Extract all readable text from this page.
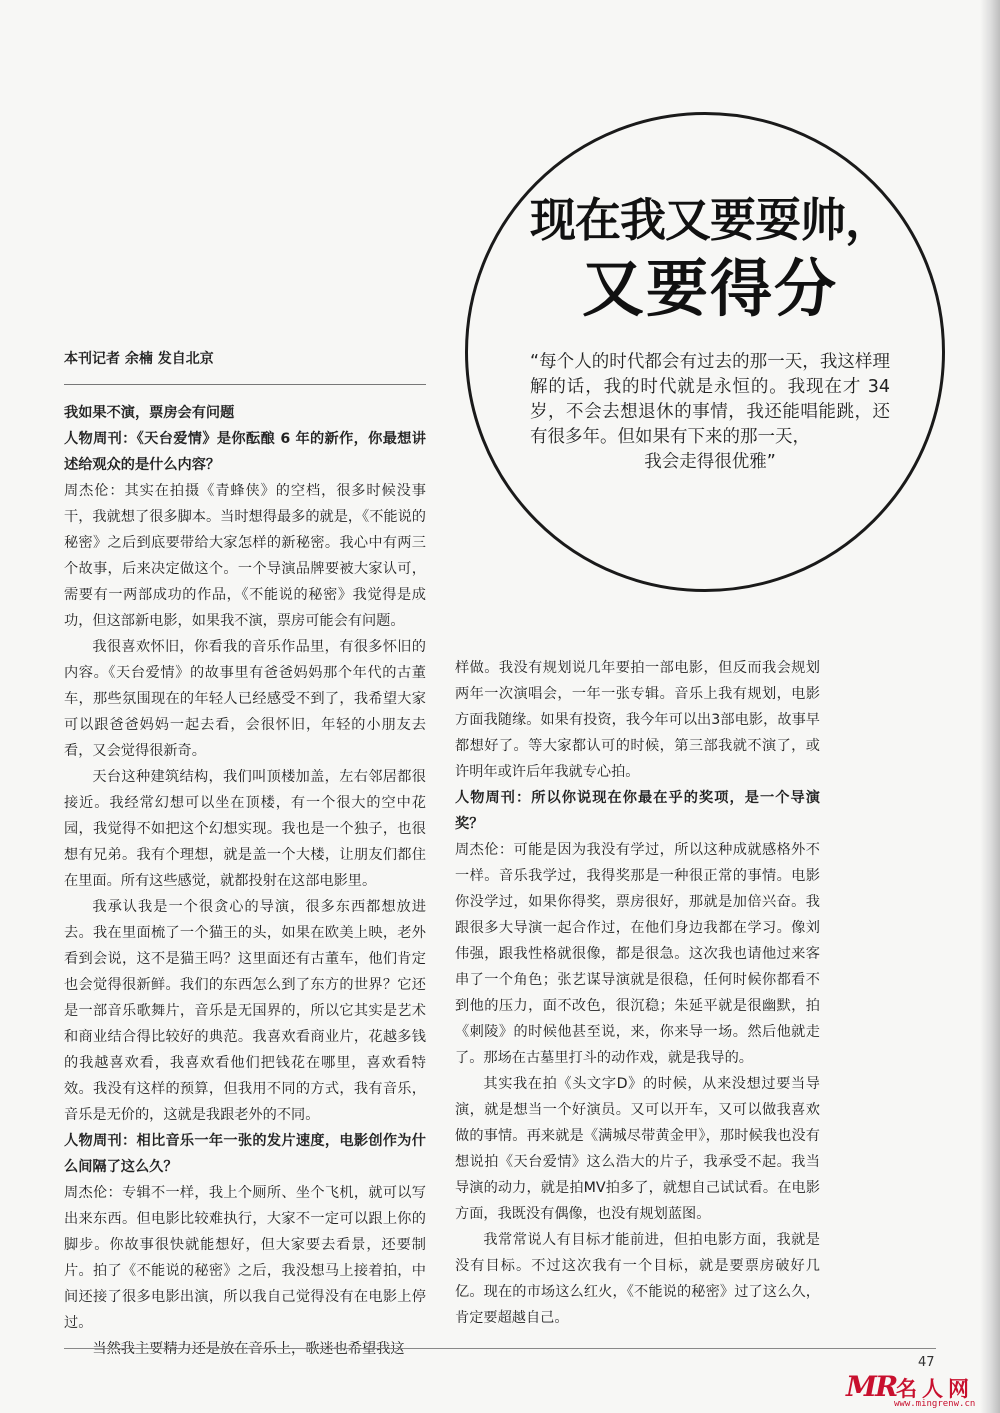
现在我又要耍帅，
又要得分
“每个人的时代都会有过去的那一天，我这样理解的话，我的时代就是永恒的。我现在才 34 岁，不会去想退休的事情，我还能唱能跳，还有很多年。但如果有下来的那一天，
我会走得很优雅”
本刊记者 余楠 发自北京

我如果不演，票房会有问题

人物周刊：《天台爱情》是你酝酿 6 年的新作，你最想讲述给观众的是什么内容？

周杰伦：其实在拍摄《青蜂侠》的空档，很多时候没事干，我就想了很多脚本。当时想得最多的就是，《不能说的秘密》之后到底要带给大家怎样的新秘密。我心中有两三个故事，后来决定做这个。一个导演品牌要被大家认可，需要有一两部成功的作品，《不能说的秘密》我觉得是成功，但这部新电影，如果我不演，票房可能会有问题。

我很喜欢怀旧，你看我的音乐作品里，有很多怀旧的内容。《天台爱情》的故事里有爸爸妈妈那个年代的古董车，那些氛围现在的年轻人已经感受不到了，我希望大家可以跟爸爸妈妈一起去看，会很怀旧，年轻的小朋友去看，又会觉得很新奇。

天台这种建筑结构，我们叫顶楼加盖，左右邻居都很接近。我经常幻想可以坐在顶楼，有一个很大的空中花园，我觉得不如把这个幻想实现。我也是一个独子，也很想有兄弟。我有个理想，就是盖一个大楼，让朋友们都住在里面。所有这些感觉，就都投射在这部电影里。

我承认我是一个很贪心的导演，很多东西都想放进去。我在里面梳了一个猫王的头，如果在欧美上映，老外看到会说，这不是猫王吗？这里面还有古董车，他们肯定也会觉得很新鲜。我们的东西怎么到了东方的世界？它还是一部音乐歌舞片，音乐是无国界的，所以它其实是艺术和商业结合得比较好的典范。我喜欢看商业片，花越多钱的我越喜欢看，我喜欢看他们把钱花在哪里，喜欢看特效。我没有这样的预算，但我用不同的方式，我有音乐，音乐是无价的，这就是我跟老外的不同。

人物周刊：相比音乐一年一张的发片速度，电影创作为什么间隔了这么久？

周杰伦：专辑不一样，我上个厕所、坐个飞机，就可以写出来东西。但电影比较难执行，大家不一定可以跟上你的脚步。你故事很快就能想好，但大家要去看景，还要制片。拍了《不能说的秘密》之后，我没想马上接着拍，中间还接了很多电影出演，所以我自己觉得没有在电影上停过。

当然我主要精力还是放在音乐上，歌迷也希望我这

样做。我没有规划说几年要拍一部电影，但反而我会规划两年一次演唱会，一年一张专辑。音乐上我有规划，电影方面我随缘。如果有投资，我今年可以出3部电影，故事早都想好了。等大家都认可的时候，第三部我就不演了，或许明年或许后年我就专心拍。

人物周刊：所以你说现在你最在乎的奖项，是一个导演奖？

周杰伦：可能是因为我没有学过，所以这种成就感格外不一样。音乐我学过，我得奖那是一种很正常的事情。电影你没学过，如果你得奖，票房很好，那就是加倍兴奋。我跟很多大导演一起合作过，在他们身边我都在学习。像刘伟强，跟我性格就很像，都是很急。这次我也请他过来客串了一个角色；张艺谋导演就是很稳，任何时候你都看不到他的压力，面不改色，很沉稳；朱延平就是很幽默，拍《刺陵》的时候他甚至说，来，你来导一场。然后他就走了。那场在古墓里打斗的动作戏，就是我导的。

其实我在拍《头文字D》的时候，从来没想过要当导演，就是想当一个好演员。又可以开车，又可以做我喜欢做的事情。再来就是《满城尽带黄金甲》，那时候我也没有想说拍《天台爱情》这么浩大的片子，我承受不起。我当导演的动力，就是拍MV拍多了，就想自己试试看。在电影方面，我既没有偶像，也没有规划蓝图。

我常常说人有目标才能前进，但拍电影方面，我就是没有目标。不过这次我有一个目标，就是要票房破好几亿。现在的市场这么红火，《不能说的秘密》过了这么久，肯定要超越自己。

47
MR 名人网
www.mingrenw.cn
